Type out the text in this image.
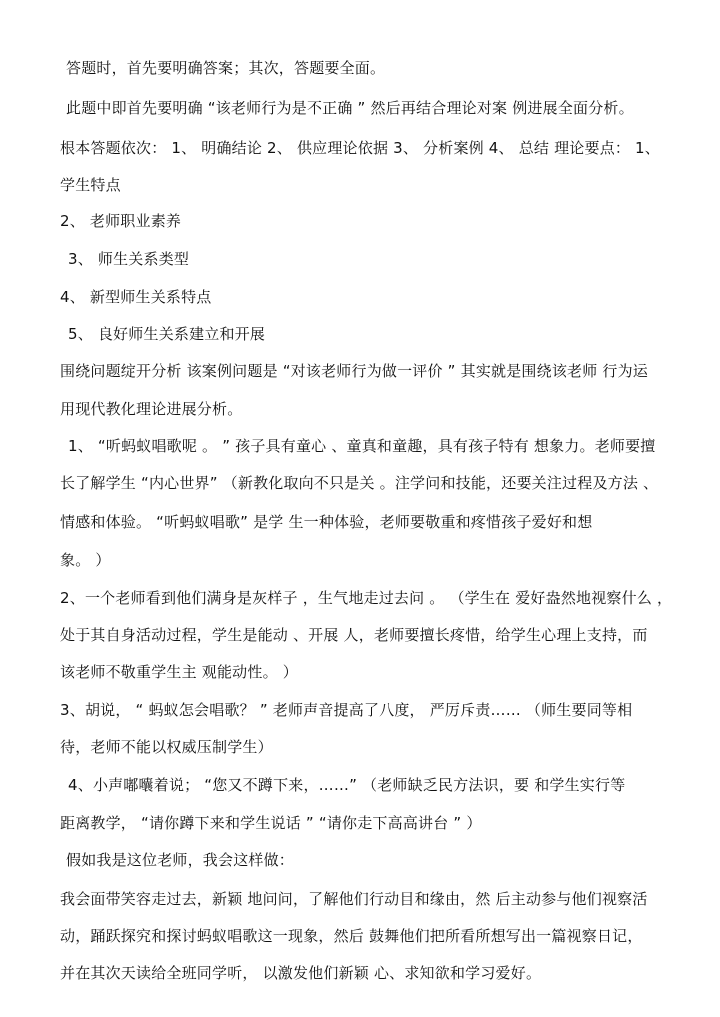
答题时，首先要明确答案；其次，答题要全面。
此题中即首先要明确 “该老师行为是不正确 ” 然后再结合理论对案 例进展全面分析。
根本答题依次： 1、 明确结论 2、 供应理论依据 3、 分析案例 4、 总结 理论要点： 1、
学生特点
2、 老师职业素养
3、 师生关系类型
4、 新型师生关系特点
5、 良好师生关系建立和开展
围绕问题绽开分析 该案例问题是 “对该老师行为做一评价 ” 其实就是围绕该老师 行为运
用现代教化理论进展分析。
1、 “听蚂蚁唱歌呢 。 ” 孩子具有童心 、童真和童趣，具有孩子特有 想象力。老师要擅
长了解学生 “内心世界” （新教化取向不只是关 。注学问和技能，还要关注过程及方法 、
情感和体验。 “听蚂蚁唱歌” 是学 生一种体验，老师要敬重和疼惜孩子爱好和想
象。 ）
2、一个老师看到他们满身是灰样子 ，生气地走过去问 。 （学生在 爱好盎然地视察什么 ，
处于其自身活动过程，学生是能动 、开展 人，老师要擅长疼惜，给学生心理上支持，而
该老师不敬重学生主 观能动性。 ）
3、胡说， “ 蚂蚁怎会唱歌？ ” 老师声音提高了八度， 严厉斥责…… （师生要同等相
待，老师不能以权威压制学生）
4、小声嘟囔着说； “您又不蹲下来，……” （老师缺乏民方法识，要 和学生实行等
距离教学， “请你蹲下来和学生说话 ” “请你走下高高讲台 ” ）
假如我是这位老师，我会这样做：
我会面带笑容走过去，新颖 地问问，了解他们行动目和缘由，然 后主动参与他们视察活
动，踊跃探究和探讨蚂蚁唱歌这一现象，然后 鼓舞他们把所看所想写出一篇视察日记，
并在其次天读给全班同学听， 以激发他们新颖 心、求知欲和学习爱好。
